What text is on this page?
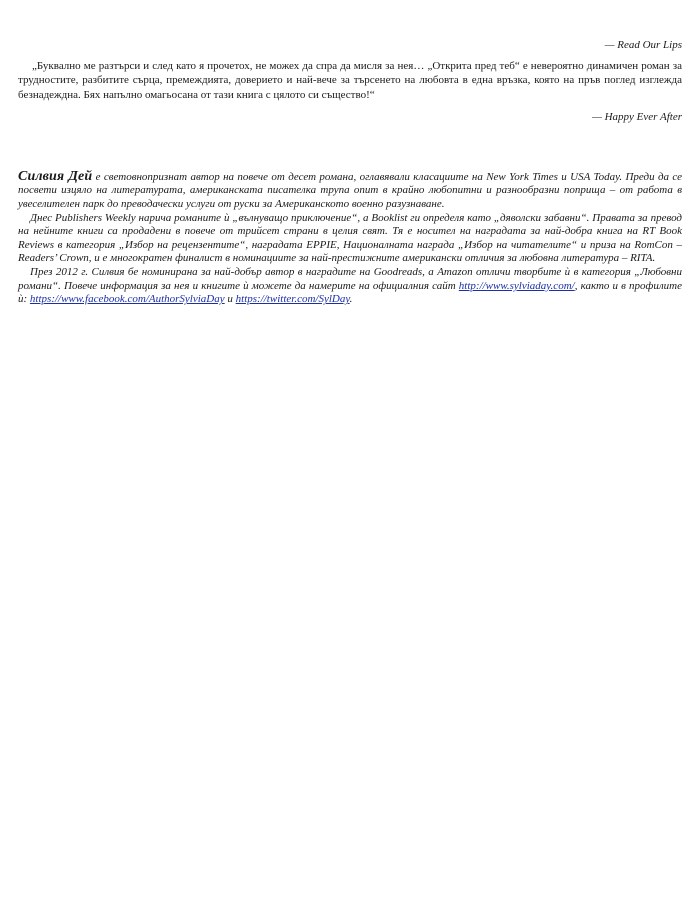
— Read Our Lips

„Буквално ме разтърси и след като я прочетох, не можех да спра да мисля за нея… „Открита пред теб“ е невероятно динамичен роман за трудностите, разбитите сърца, премеждията, доверието и най-вече за търсенето на любовта в една връзка, която на пръв поглед изглежда безнадеждна. Бях напълно омагьосана от тази книга с цялото си същество!“

— Happy Ever After

Силвия Дей е световнопризнат автор на повече от десет романа, оглавявали класациите на New York Times и USA Today. Преди да се посвети изцяло на литературата, американската писателка трупа опит в крайно любопитни и разнообразни поприща – от работа в увеселителен парк до преводачески услуги от руски за Американското военно разузнаване.

Днес Publishers Weekly нарича романите ѝ „вълнуващо приключение“, а Booklist ги определя като „дяволски забавни“. Правата за превод на нейните книги са продадени в повече от трийсет страни в целия свят. Тя е носител на наградата за най-добра книга на RT Book Reviews в категория „Избор на рецензентите“, наградата EPPIE, Националната награда „Избор на читателите“ и приза на RomCon – Readers’ Crown, и е многократен финалист в номинациите за най-престижните американски отличия за любовна литература – RITA.

През 2012 г. Силвия бе номинирана за най-добър автор в наградите на Goodreads, а Amazon отличи творбите ѝ в категория „Любовни романи“. Повече информация за нея и книгите ѝ можете да намерите на официалния сайт http://www.sylviaday.com/, както и в профилите ѝ: https://www.facebook.com/AuthorSylviaDay и https://twitter.com/SylDay.
